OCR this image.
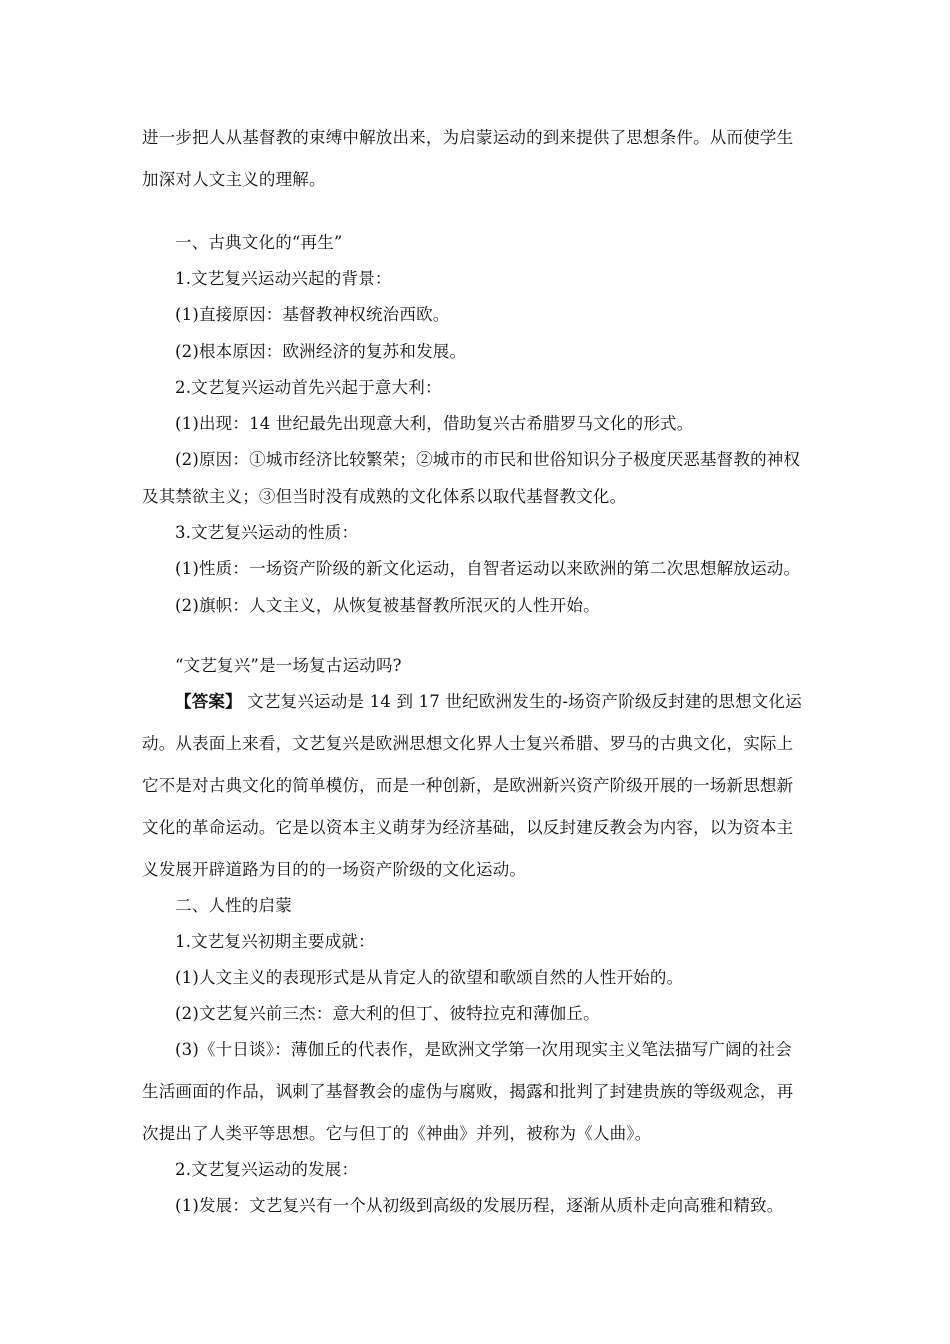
进一步把人从基督教的束缚中解放出来，为启蒙运动的到来提供了思想条件。从而使学生
加深对人文主义的理解。
一、古典文化的“再生”
1.文艺复兴运动兴起的背景：
(1)直接原因：基督教神权统治西欧。
(2)根本原因：欧洲经济的复苏和发展。
2.文艺复兴运动首先兴起于意大利：
(1)出现：14 世纪最先出现意大利，借助复兴古希腊罗马文化的形式。
(2)原因：①城市经济比较繁荣；②城市的市民和世俗知识分子极度厌恶基督教的神权
及其禁欲主义；③但当时没有成熟的文化体系以取代基督教文化。
3.文艺复兴运动的性质：
(1)性质：一场资产阶级的新文化运动，自智者运动以来欧洲的第二次思想解放运动。
(2)旗帜：人文主义，从恢复被基督教所泯灭的人性开始。
“文艺复兴”是一场复古运动吗?
【答案】 文艺复兴运动是 14 到 17 世纪欧洲发生的-场资产阶级反封建的思想文化运
动。从表面上来看，文艺复兴是欧洲思想文化界人士复兴希腊、罗马的古典文化，实际上
它不是对古典文化的简单模仿，而是一种创新，是欧洲新兴资产阶级开展的一场新思想新
文化的革命运动。它是以资本主义萌芽为经济基础，以反封建反教会为内容，以为资本主
义发展开辟道路为目的的一场资产阶级的文化运动。
二、人性的启蒙
1.文艺复兴初期主要成就：
(1)人文主义的表现形式是从肯定人的欲望和歌颂自然的人性开始的。
(2)文艺复兴前三杰：意大利的但丁、彼特拉克和薄伽丘。
(3)《十日谈》：薄伽丘的代表作，是欧洲文学第一次用现实主义笔法描写广阔的社会
生活画面的作品，讽刺了基督教会的虚伪与腐败，揭露和批判了封建贵族的等级观念，再
次提出了人类平等思想。它与但丁的《神曲》并列，被称为《人曲》。
2.文艺复兴运动的发展：
(1)发展：文艺复兴有一个从初级到高级的发展历程，逐渐从质朴走向高雅和精致。
